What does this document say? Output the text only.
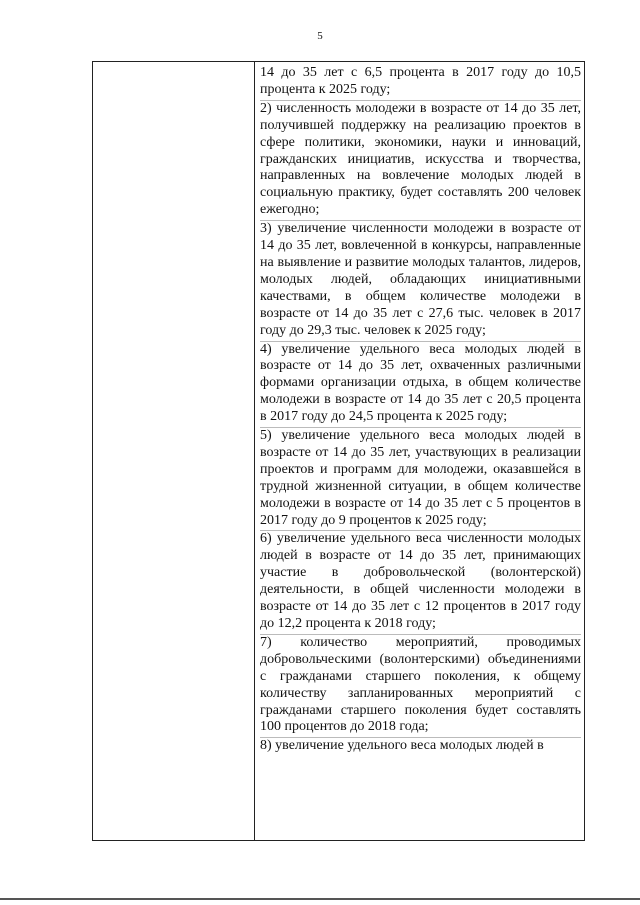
5

14 до 35 лет с 6,5 процента в 2017 году до 10,5 процента к 2025 году;

2) численность молодежи в возрасте от 14 до 35 лет, получившей поддержку на реализацию проектов в сфере политики, экономики, науки и инноваций, гражданских инициатив, искусства и творчества, направленных на вовлечение молодых людей в социальную практику, будет составлять 200 человек ежегодно;

3) увеличение численности молодежи в возрасте от 14 до 35 лет, вовлеченной в конкурсы, направленные на выявление и развитие молодых талантов, лидеров, молодых людей, обладающих инициативными качествами, в общем количестве молодежи в возрасте от 14 до 35 лет с 27,6 тыс. человек в 2017 году до 29,3 тыс. человек к 2025 году;

4) увеличение удельного веса молодых людей в возрасте от 14 до 35 лет, охваченных различными формами организации отдыха, в общем количестве молодежи в возрасте от 14 до 35 лет с 20,5 процента в 2017 году до 24,5 процента к 2025 году;

5) увеличение удельного веса молодых людей в возрасте от 14 до 35 лет, участвующих в реализации проектов и программ для молодежи, оказавшейся в трудной жизненной ситуации, в общем количестве молодежи в возрасте от 14 до 35 лет с 5 процентов в 2017 году до 9 процентов к 2025 году;

6) увеличение удельного веса численности молодых людей в возрасте от 14 до 35 лет, принимающих участие в добровольческой (волонтерской) деятельности, в общей численности молодежи в возрасте от 14 до 35 лет с 12 процентов в 2017 году до 12,2 процента к 2018 году;

7) количество мероприятий, проводимых добровольческими (волонтерскими) объединениями с гражданами старшего поколения, к общему количеству запланированных мероприятий с гражданами старшего поколения будет составлять 100 процентов до 2018 года;

8) увеличение удельного веса молодых людей в
